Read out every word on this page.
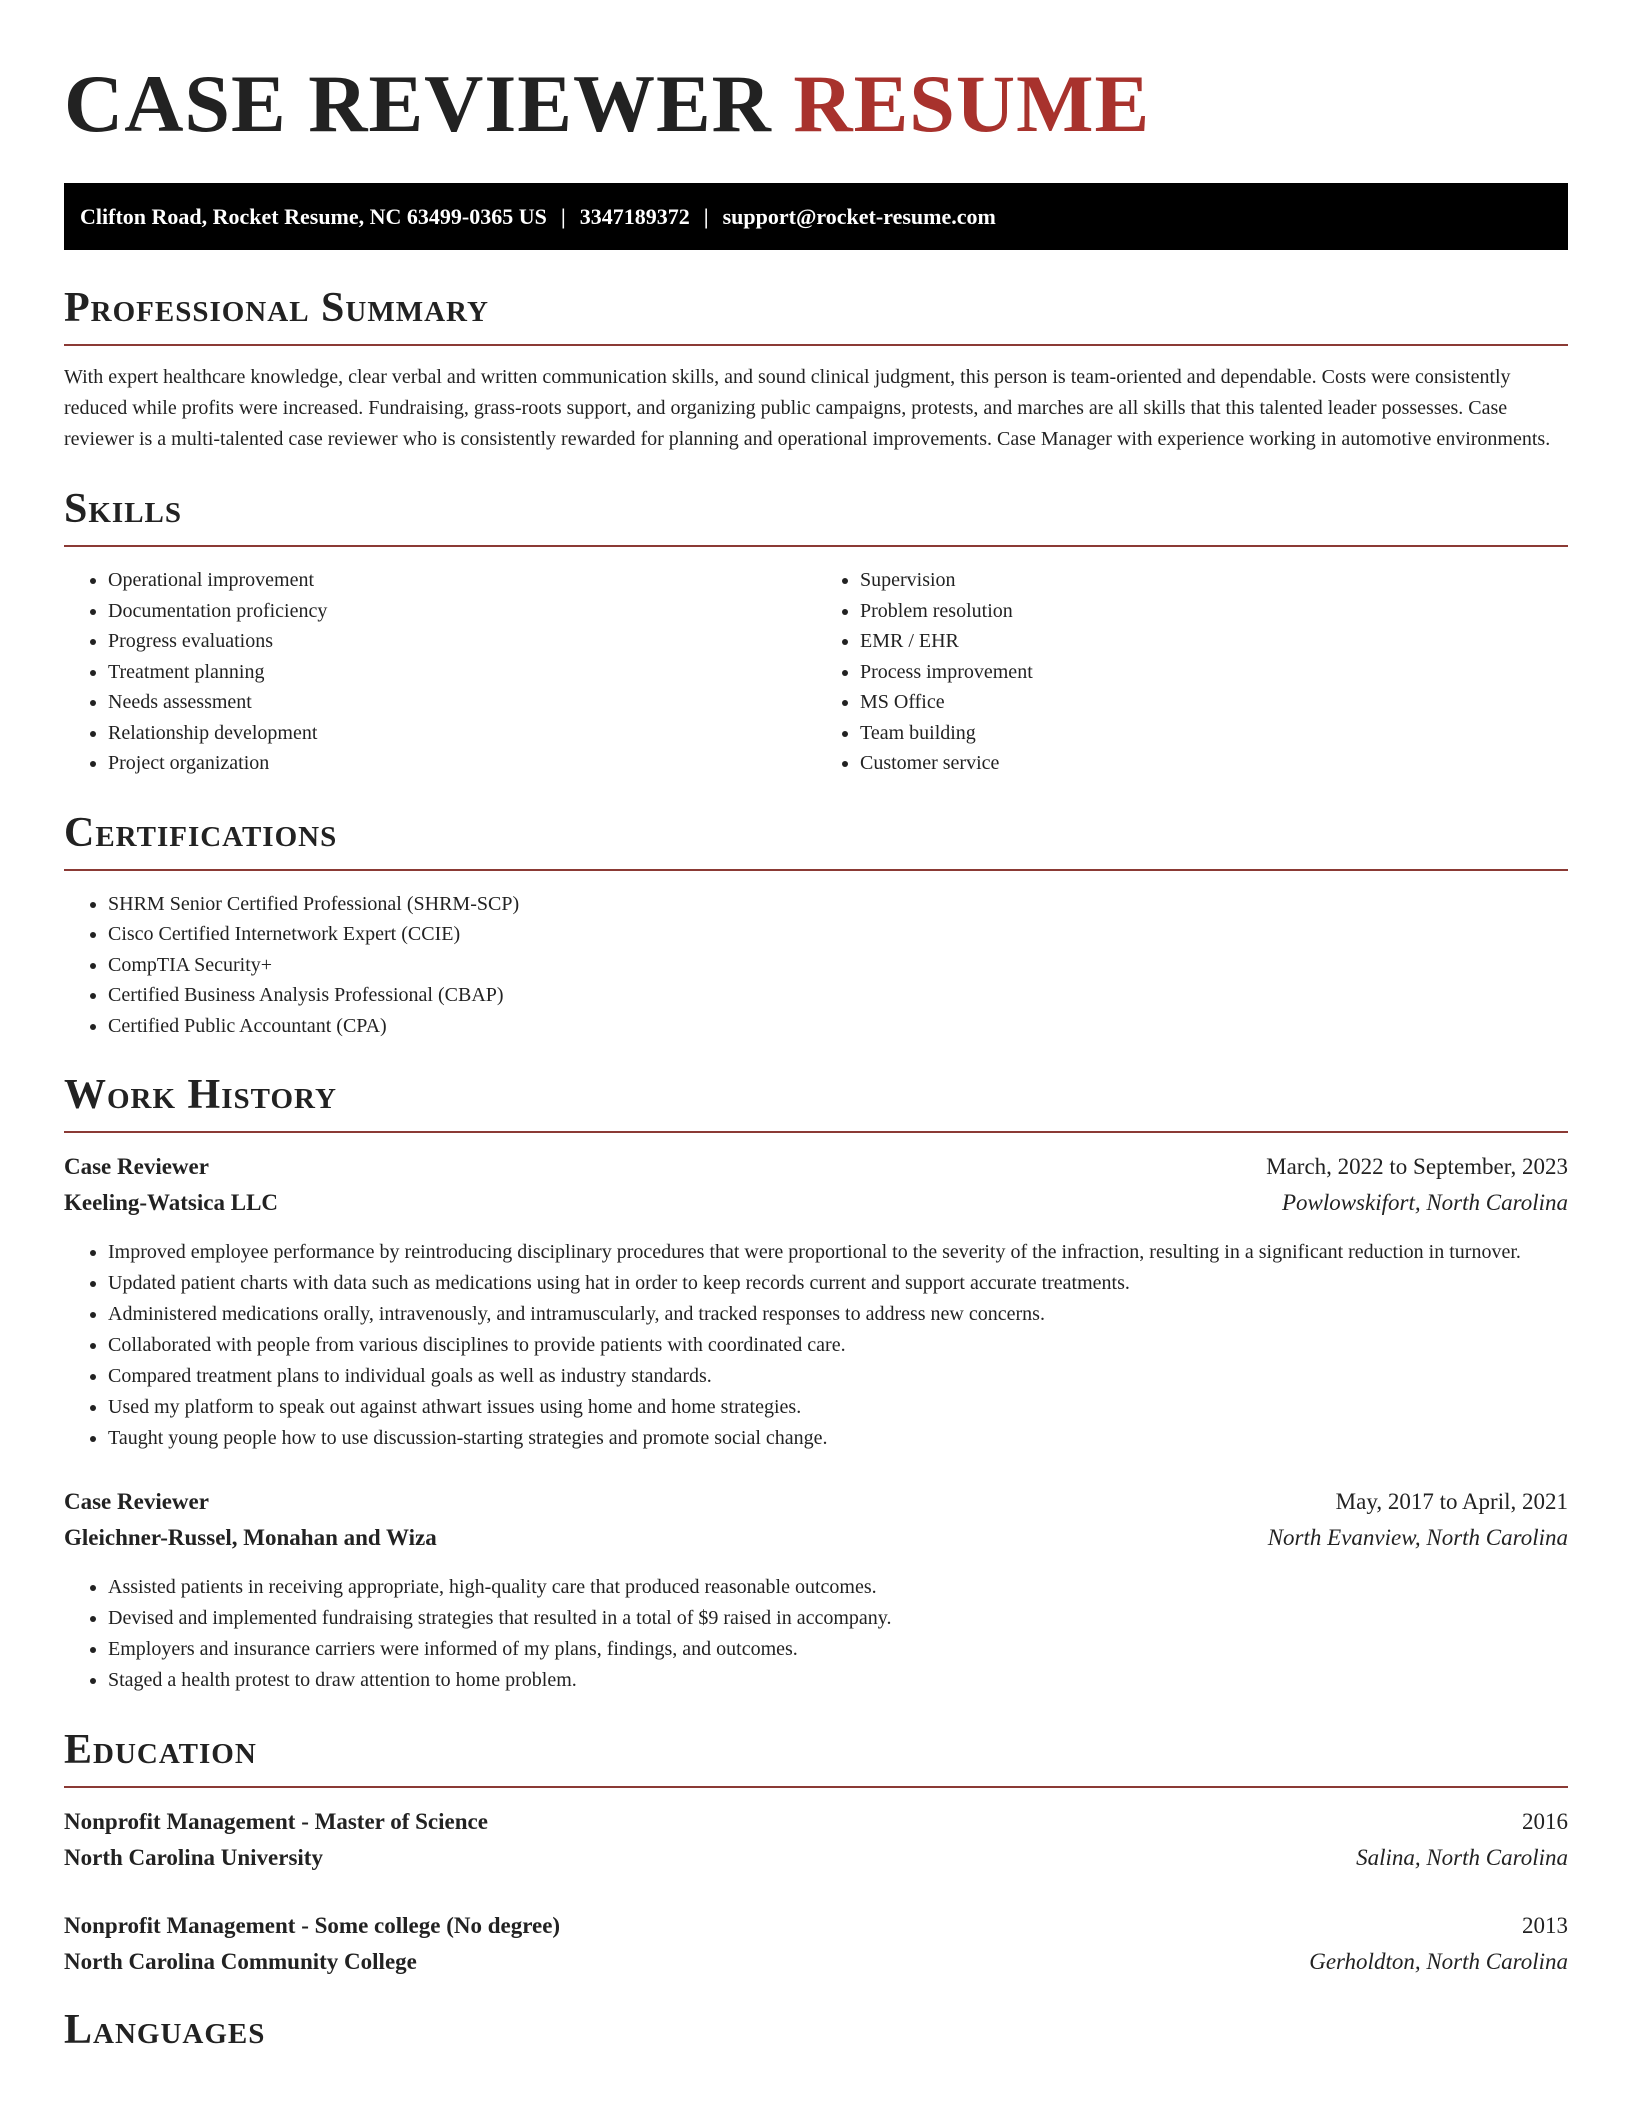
CASE REVIEWER RESUME
Clifton Road, Rocket Resume, NC 63499-0365 US | 3347189372 | support@rocket-resume.com
Professional Summary

With expert healthcare knowledge, clear verbal and written communication skills, and sound clinical judgment, this person is team-oriented and dependable. Costs were consistently reduced while profits were increased. Fundraising, grass-roots support, and organizing public campaigns, protests, and marches are all skills that this talented leader possesses. Case reviewer is a multi-talented case reviewer who is consistently rewarded for planning and operational improvements. Case Manager with experience working in automotive environments.

Skills
• Operational improvement
• Documentation proficiency
• Progress evaluations
• Treatment planning
• Needs assessment
• Relationship development
• Project organization
• Supervision
• Problem resolution
• EMR / EHR
• Process improvement
• MS Office
• Team building
• Customer service
Certifications
• SHRM Senior Certified Professional (SHRM-SCP)
• Cisco Certified Internetwork Expert (CCIE)
• CompTIA Security+
• Certified Business Analysis Professional (CBAP)
• Certified Public Accountant (CPA)
Work History
Case Reviewer	March, 2022 to September, 2023
Keeling-Watsica LLC	Powlowskifort, North Carolina
• Improved employee performance by reintroducing disciplinary procedures that were proportional to the severity of the infraction, resulting in a significant reduction in turnover.
• Updated patient charts with data such as medications using hat in order to keep records current and support accurate treatments.
• Administered medications orally, intravenously, and intramuscularly, and tracked responses to address new concerns.
• Collaborated with people from various disciplines to provide patients with coordinated care.
• Compared treatment plans to individual goals as well as industry standards.
• Used my platform to speak out against athwart issues using home and home strategies.
• Taught young people how to use discussion-starting strategies and promote social change.
Case Reviewer	May, 2017 to April, 2021
Gleichner-Russel, Monahan and Wiza	North Evanview, North Carolina
• Assisted patients in receiving appropriate, high-quality care that produced reasonable outcomes.
• Devised and implemented fundraising strategies that resulted in a total of $9 raised in accompany.
• Employers and insurance carriers were informed of my plans, findings, and outcomes.
• Staged a health protest to draw attention to home problem.
Education
Nonprofit Management - Master of Science	2016
North Carolina University	Salina, North Carolina
Nonprofit Management - Some college (No degree)	2013
North Carolina Community College	Gerholdton, North Carolina
Languages
